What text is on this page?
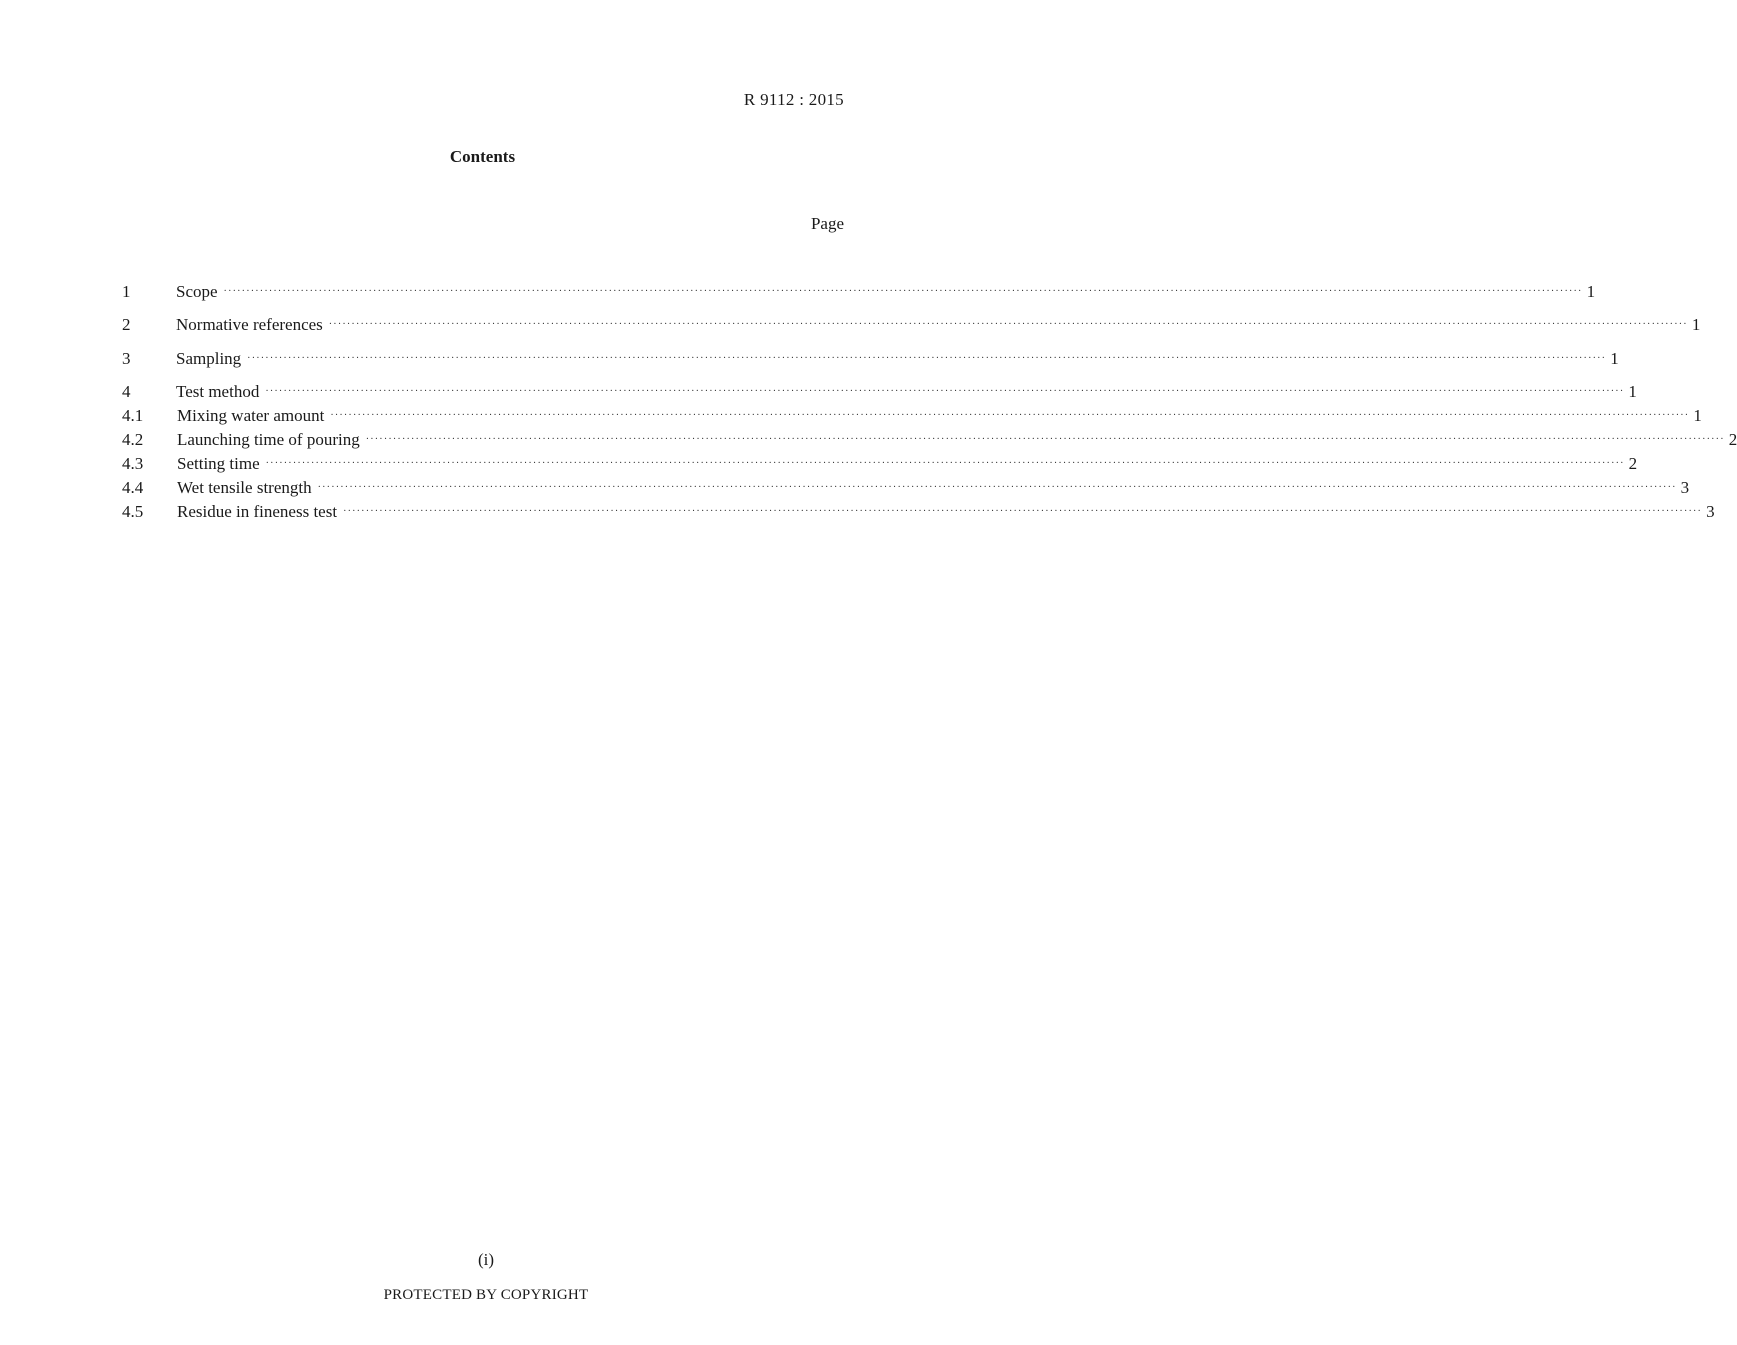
R 9112 : 2015
Contents
Page
1	Scope ············································································································································································································································································································ 1
2	Normative references ············································································································································································································································································································ 1
3	Sampling ············································································································································································································································································································ 1
4	Test method ············································································································································································································································································································ 1
4.1	Mixing water amount ············································································································································································································································································································ 1
4.2	Launching time of pouring ············································································································································································································································································································ 2
4.3	Setting time ············································································································································································································································································································ 2
4.4	Wet tensile strength ············································································································································································································································································································ 3
4.5	Residue in fineness test ············································································································································································································································································································ 3
(i)
PROTECTED BY COPYRIGHT
